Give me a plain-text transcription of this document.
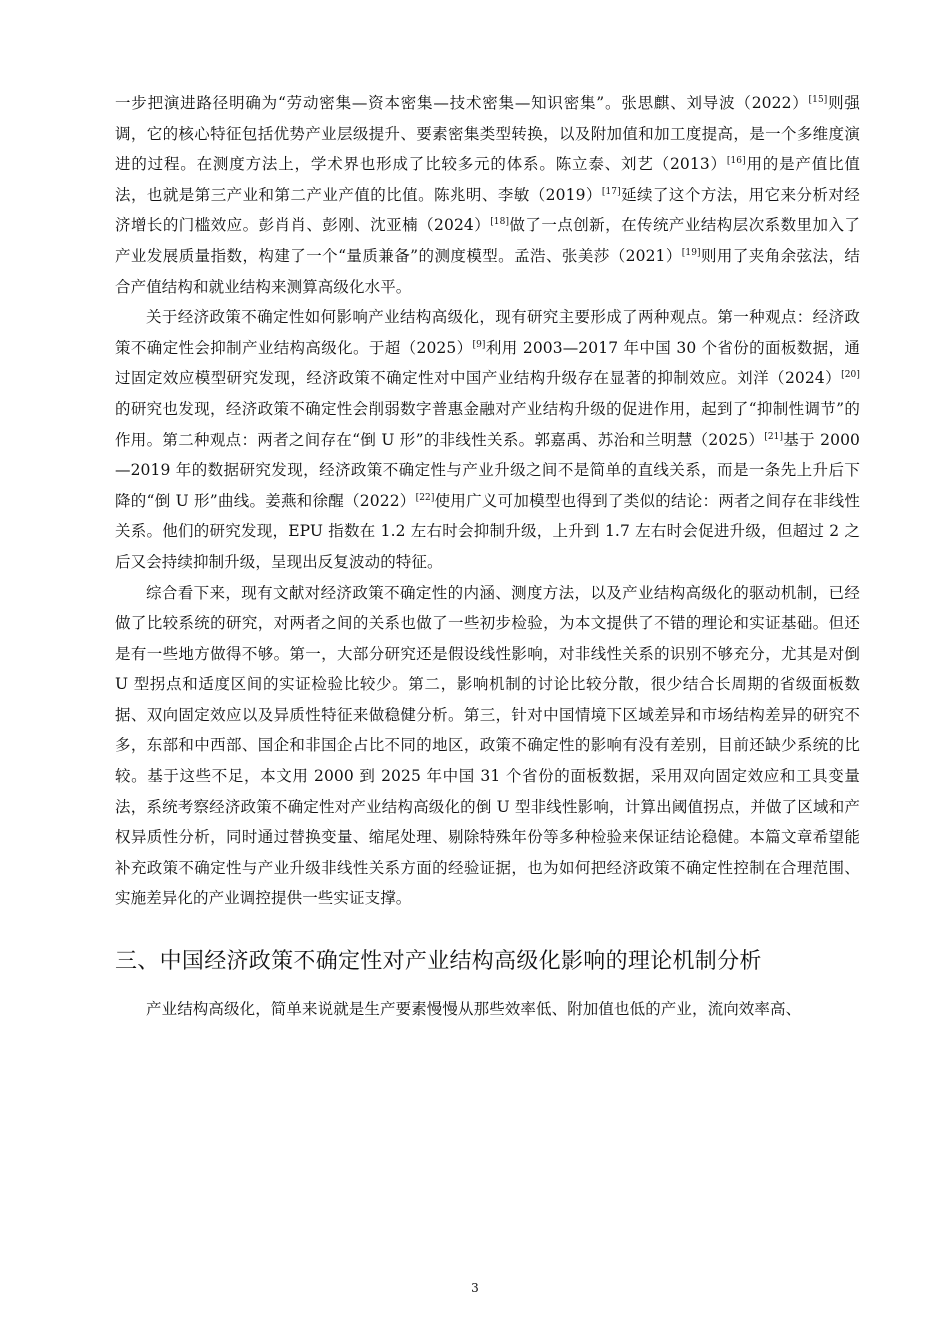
一步把演进路径明确为“劳动密集—资本密集—技术密集—知识密集”。张思麒、刘导波（2022）[15]则强调，它的核心特征包括优势产业层级提升、要素密集类型转换，以及附加值和加工度提高，是一个多维度演进的过程。在测度方法上，学术界也形成了比较多元的体系。陈立泰、刘艺（2013）[16]用的是产值比值法，也就是第三产业和第二产业产值的比值。陈兆明、李敏（2019）[17]延续了这个方法，用它来分析对经济增长的门槛效应。彭肖肖、彭刚、沈亚楠（2024）[18]做了一点创新，在传统产业结构层次系数里加入了产业发展质量指数，构建了一个“量质兼备”的测度模型。孟浩、张美莎（2021）[19]则用了夹角余弦法，结合产值结构和就业结构来测算高级化水平。

关于经济政策不确定性如何影响产业结构高级化，现有研究主要形成了两种观点。第一种观点：经济政策不确定性会抑制产业结构高级化。于超（2025）[9]利用 2003—2017 年中国 30 个省份的面板数据，通过固定效应模型研究发现，经济政策不确定性对中国产业结构升级存在显著的抑制效应。刘洋（2024）[20]的研究也发现，经济政策不确定性会削弱数字普惠金融对产业结构升级的促进作用，起到了“抑制性调节”的作用。第二种观点：两者之间存在“倒 U 形”的非线性关系。郭嘉禹、苏治和兰明慧（2025）[21]基于 2000—2019 年的数据研究发现，经济政策不确定性与产业升级之间不是简单的直线关系，而是一条先上升后下降的“倒 U 形”曲线。姜燕和徐醒（2022）[22]使用广义可加模型也得到了类似的结论：两者之间存在非线性关系。他们的研究发现，EPU 指数在 1.2 左右时会抑制升级，上升到 1.7 左右时会促进升级，但超过 2 之后又会持续抑制升级，呈现出反复波动的特征。

综合看下来，现有文献对经济政策不确定性的内涵、测度方法，以及产业结构高级化的驱动机制，已经做了比较系统的研究，对两者之间的关系也做了一些初步检验，为本文提供了不错的理论和实证基础。但还是有一些地方做得不够。第一，大部分研究还是假设线性影响，对非线性关系的识别不够充分，尤其是对倒 U 型拐点和适度区间的实证检验比较少。第二，影响机制的讨论比较分散，很少结合长周期的省级面板数据、双向固定效应以及异质性特征来做稳健分析。第三，针对中国情境下区域差异和市场结构差异的研究不多，东部和中西部、国企和非国企占比不同的地区，政策不确定性的影响有没有差别，目前还缺少系统的比较。基于这些不足，本文用 2000 到 2025 年中国 31 个省份的面板数据，采用双向固定效应和工具变量法，系统考察经济政策不确定性对产业结构高级化的倒 U 型非线性影响，计算出阈值拐点，并做了区域和产权异质性分析，同时通过替换变量、缩尾处理、剔除特殊年份等多种检验来保证结论稳健。本篇文章希望能补充政策不确定性与产业升级非线性关系方面的经验证据，也为如何把经济政策不确定性控制在合理范围、实施差异化的产业调控提供一些实证支撑。

三、中国经济政策不确定性对产业结构高级化影响的理论机制分析

产业结构高级化，简单来说就是生产要素慢慢从那些效率低、附加值也低的产业，流向效率高、

3
